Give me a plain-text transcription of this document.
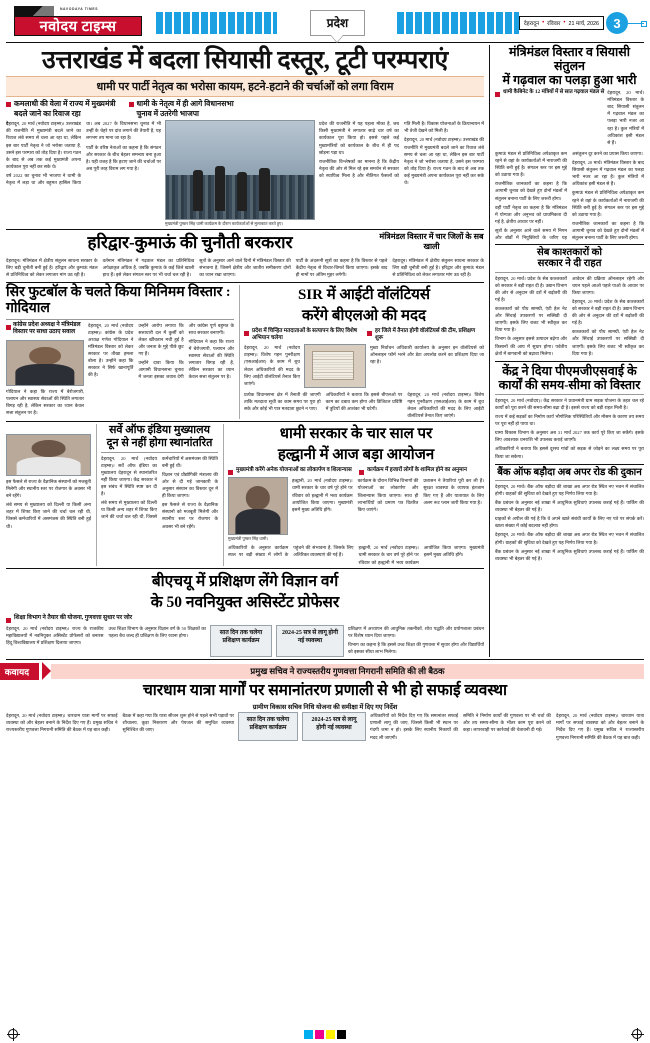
NAVODAYA TIMES
नवोदय टाइम्स	प्रदेश	देहरादून • रविवार • 21 मार्च, 2026	3
उत्तराखंड में बदला सियासी दस्तूर, टूटी परम्पराएं
धामी पर पार्टी नेतृत्व का भरोसा कायम, हटने-हटाने की चर्चाओं को लगा विराम
कमलाधी की वेला में राज्य में मुख्यमंत्री बदले जाने का रिवाज रहा
धामी के नेतृत्व में ही आगे विधानसभा चुनाव में उतरेगी भाजपा

देहरादून, 20 मार्च (नवोदय टाइम्स)। उत्तराखंड की राजनीति में मुख्यमंत्री बदले जाने का रिवाज लंबे समय से चला आ रहा था, लेकिन इस बार पार्टी नेतृत्व ने जो भरोसा जताया है, उसने इस परम्परा को तोड़ दिया है। राज्य गठन के बाद से अब तक कई मुख्यमंत्री अपना कार्यकाल पूरा नहीं कर सके थे।

वर्ष 2022 का चुनाव भी भाजपा ने धामी के नेतृत्व में लड़ा था और बहुमत हासिल किया था। अब 2027 के विधानसभा चुनाव में भी उन्हीं के चेहरे पर दांव लगाने की तैयारी है, यह लगभग तय माना जा रहा है।

पार्टी के वरिष्ठ नेताओं का कहना है कि संगठन और सरकार के बीच बेहतर समन्वय बना हुआ है। यही वजह है कि हटाए जाने की चर्चाओं पर अब पूरी तरह विराम लग गया है।

मुख्यमंत्री पुष्कर सिंह धामी कार्यक्रम के दौरान कार्यकर्ताओं से मुलाकात करते हुए।

प्रदेश की राजनीति में यह पहला मौका है, जब किसी मुख्यमंत्री ने लगातार साढ़े चार वर्ष का कार्यकाल पूरा किया हो। इससे पहले कई मुख्यमंत्रियों को कार्यकाल के बीच में ही पद छोड़ना पड़ा था।

राजनीतिक विश्लेषकों का मानना है कि केंद्रीय नेतृत्व की ओर से मिल रहे इस समर्थन से सरकार को स्थायित्व मिला है और नीतिगत फैसलों को गति मिली है। विकास योजनाओं के क्रियान्वयन में भी तेजी देखने को मिली है।

देहरादून, 20 मार्च (नवोदय टाइम्स)। उत्तराखंड की राजनीति में मुख्यमंत्री बदले जाने का रिवाज लंबे समय से चला आ रहा था, लेकिन इस बार पार्टी नेतृत्व ने जो भरोसा जताया है, उसने इस परम्परा को तोड़ दिया है। राज्य गठन के बाद से अब तक कई मुख्यमंत्री अपना कार्यकाल पूरा नहीं कर सके थे।

हरिद्वार-कुमाऊं की चुनौती बरकरार	मंत्रिमंडल विस्तार में चार जिलों के सब खाली

देहरादून। मंत्रिमंडल में क्षेत्रीय संतुलन साधना सरकार के लिए बड़ी चुनौती बनी हुई है। हरिद्वार और कुमाऊं मंडल से प्रतिनिधित्व को लेकर लगातार मांग उठ रही है।

वर्तमान मंत्रिमंडल में गढ़वाल मंडल का प्रतिनिधित्व अपेक्षाकृत अधिक है, जबकि कुमाऊं के कई जिले खाली हाथ हैं। इसे लेकर संगठन स्तर पर भी चर्चा चल रही है।

सूत्रों के अनुसार आने वाले दिनों में मंत्रिमंडल विस्तार की संभावना है, जिसमें क्षेत्रीय और जातीय समीकरण दोनों का ध्यान रखा जाएगा।

पार्टी के अंदरूनी सूत्रों का कहना है कि विस्तार से पहले केंद्रीय नेतृत्व से विचार-विमर्श किया जाएगा। इसके बाद ही नामों पर अंतिम मुहर लगेगी।

देहरादून। मंत्रिमंडल में क्षेत्रीय संतुलन साधना सरकार के लिए बड़ी चुनौती बनी हुई है। हरिद्वार और कुमाऊं मंडल से प्रतिनिधित्व को लेकर लगातार मांग उठ रही है।

सिर फुटबॉल के चलते किया मिनिमम विस्तार : गोदियाल
कांग्रेस प्रदेश अध्यक्ष ने मंत्रिमंडल विस्तार पर साधा उठाए सवाल

गोदियाल ने कहा कि राज्य में बेरोजगारी, पलायन और स्वास्थ्य सेवाओं की स्थिति लगातार बिगड़ रही है, लेकिन सरकार का ध्यान केवल सत्ता संतुलन पर है।

देहरादून, 20 मार्च (नवोदय टाइम्स)। कांग्रेस के प्रदेश अध्यक्ष गणेश गोदियाल ने मंत्रिमंडल विस्तार को लेकर सरकार पर तीखा हमला बोला है। उन्होंने कहा कि सरकार ने सिर्फ खानापूर्ति की है।

उन्होंने आरोप लगाया कि सत्ताधारी दल में कुर्सी को लेकर खींचतान मची हुई है और जनता के मुद्दे पीछे छूट गए हैं।

उन्होंने दावा किया कि आगामी विधानसभा चुनाव में जनता इसका जवाब देगी और कांग्रेस पूर्ण बहुमत के साथ सरकार बनाएगी।

गोदियाल ने कहा कि राज्य में बेरोजगारी, पलायन और स्वास्थ्य सेवाओं की स्थिति लगातार बिगड़ रही है, लेकिन सरकार का ध्यान केवल सत्ता संतुलन पर है।

SIR में आईटी वॉलंटियर्स
करेंगे बीएलओ की मदद
प्रदेश में चिन्हित मतदाताओं के सत्यापन के लिए विशेष अभियान चलेगा
हर जिले में तैनात होगी वॉलंटियर्स की टीम, प्रशिक्षण शुरू

देहरादून, 20 मार्च (नवोदय टाइम्स)। विशेष गहन पुनरीक्षण (एसआईआर) के काम में बूथ लेवल अधिकारियों की मदद के लिए आईटी वॉलंटियर्स तैनात किए जाएंगे।

मुख्य निर्वाचन अधिकारी कार्यालय के अनुसार इन वॉलंटियर्स को ऑनलाइन फॉर्म भरने और डेटा अपलोड करने का प्रशिक्षण दिया जा रहा है।

प्रत्येक विधानसभा क्षेत्र में तैनाती की जाएगी ताकि मतदाता सूची का काम समय पर पूरा हो सके और कोई भी पात्र मतदाता छूटने न पाए।

अधिकारियों ने बताया कि इससे बीएलओ पर काम का दबाव कम होगा और डिजिटल प्रविष्टि में त्रुटियों की आशंका भी घटेगी।

देहरादून, 20 मार्च (नवोदय टाइम्स)। विशेष गहन पुनरीक्षण (एसआईआर) के काम में बूथ लेवल अधिकारियों की मदद के लिए आईटी वॉलंटियर्स तैनात किए जाएंगे।

इस फैसले से राज्य के वैज्ञानिक संस्थानों को मजबूती मिलेगी और स्थानीय स्तर पर रोजगार के अवसर भी बने रहेंगे।

लंबे समय से मुख्यालय को दिल्ली या किसी अन्य शहर में शिफ्ट किए जाने की चर्चा चल रही थी, जिससे कर्मचारियों में असमंजस की स्थिति बनी हुई थी।

सर्वे ऑफ इंडिया मुख्यालय
दून से नहीं होगा स्थानांतरित

देहरादून, 20 मार्च (नवोदय टाइम्स)। सर्वे ऑफ इंडिया का मुख्यालय देहरादून से स्थानांतरित नहीं किया जाएगा। केंद्र सरकार ने इस संबंध में स्थिति स्पष्ट कर दी है।

लंबे समय से मुख्यालय को दिल्ली या किसी अन्य शहर में शिफ्ट किए जाने की चर्चा चल रही थी, जिससे कर्मचारियों में असमंजस की स्थिति बनी हुई थी।

विज्ञान एवं प्रौद्योगिकी मंत्रालय की ओर से दी गई जानकारी के अनुसार संस्थान का विस्तार दून में ही किया जाएगा।

इस फैसले से राज्य के वैज्ञानिक संस्थानों को मजबूती मिलेगी और स्थानीय स्तर पर रोजगार के अवसर भी बने रहेंगे।

धामी सरकार के चार साल पर
हल्द्वानी में आज बड़ा आयोजन
मुख्यमंत्री करेंगे अनेक योजनाओं का लोकार्पण व शिलान्यास	कार्यक्रम में हजारों लोगों के शामिल होने का अनुमान
मुख्यमंत्री पुष्कर सिंह धामी।

हल्द्वानी, 20 मार्च (नवोदय टाइम्स)। धामी सरकार के चार वर्ष पूरे होने पर रविवार को हल्द्वानी में भव्य कार्यक्रम आयोजित किया जाएगा। मुख्यमंत्री इसमें मुख्य अतिथि होंगे।

कार्यक्रम के दौरान विभिन्न विभागों की योजनाओं का लोकार्पण और शिलान्यास किया जाएगा। साथ ही लाभार्थियों को प्रमाण पत्र वितरित किए जाएंगे।

प्रशासन ने तैयारियां पूरी कर ली हैं। सुरक्षा व्यवस्था के व्यापक इंतजाम किए गए हैं और यातायात के लिए अलग रूट प्लान जारी किया गया है।

अधिकारियों के अनुसार कार्यक्रम स्थल पर बड़ी संख्या में लोगों के पहुंचने की संभावना है, जिसके लिए अतिरिक्त व्यवस्थाएं की गई हैं।

हल्द्वानी, 20 मार्च (नवोदय टाइम्स)। धामी सरकार के चार वर्ष पूरे होने पर रविवार को हल्द्वानी में भव्य कार्यक्रम आयोजित किया जाएगा। मुख्यमंत्री इसमें मुख्य अतिथि होंगे।

बीएचयू में प्रशिक्षण लेंगे विज्ञान वर्ग
के 50 नवनियुक्त असिस्टेंट प्रोफेसर
शिक्षा विभाग ने तैयार की योजना, गुणवत्ता सुधार पर जोर

देहरादून, 20 मार्च (नवोदय टाइम्स)। राज्य के राजकीय महाविद्यालयों में नवनियुक्त असिस्टेंट प्रोफेसरों को बनारस हिंदू विश्वविद्यालय में प्रशिक्षण दिलाया जाएगा।

उच्च शिक्षा विभाग के अनुसार विज्ञान वर्ग के 50 शिक्षकों का पहला बैच जल्द ही प्रशिक्षण के लिए रवाना होगा।	सात दिन तक चलेगा प्रशिक्षण कार्यक्रम
2024-25 सत्र से लागू होगी नई व्यवस्था

प्रशिक्षण में अध्यापन की आधुनिक तकनीकों, शोध पद्धति और प्रयोगशाला प्रबंधन पर विशेष ध्यान दिया जाएगा।

विभाग का कहना है कि इससे उच्च शिक्षा की गुणवत्ता में सुधार होगा और विद्यार्थियों को इसका सीधा लाभ मिलेगा।

मंत्रिमंडल विस्तार व सियासी संतुलन
में गढ़वाल का पलड़ा हुआ भारी
धामी कैबिनेट के 12 मंत्रियों में से सात गढ़वाल मंडल से देहरादून, 20 मार्च। मंत्रिमंडल विस्तार के बाद सियासी संतुलन में गढ़वाल मंडल का पलड़ा भारी नजर आ रहा है। कुल मंत्रियों में अधिकांश इसी मंडल से हैं।

कुमाऊं मंडल से प्रतिनिधित्व अपेक्षाकृत कम रहने से वहां के कार्यकर्ताओं में नाराजगी की स्थिति बनी हुई है। संगठन स्तर पर इस मुद्दे को उठाया गया है।

राजनीतिक जानकारों का कहना है कि आगामी चुनाव को देखते हुए दोनों मंडलों में संतुलन बनाना पार्टी के लिए जरूरी होगा।

वहीं पार्टी नेतृत्व का कहना है कि मंत्रिमंडल में योग्यता और अनुभव को प्राथमिकता दी गई है, क्षेत्रीय आधार पर नहीं।

सूत्रों के अनुसार आने वाले समय में निगम और बोर्डों में नियुक्तियों के जरिए यह असंतुलन दूर करने का प्रयास किया जाएगा।

देहरादून, 20 मार्च। मंत्रिमंडल विस्तार के बाद सियासी संतुलन में गढ़वाल मंडल का पलड़ा भारी नजर आ रहा है। कुल मंत्रियों में अधिकांश इसी मंडल से हैं।

कुमाऊं मंडल से प्रतिनिधित्व अपेक्षाकृत कम रहने से वहां के कार्यकर्ताओं में नाराजगी की स्थिति बनी हुई है। संगठन स्तर पर इस मुद्दे को उठाया गया है।

राजनीतिक जानकारों का कहना है कि आगामी चुनाव को देखते हुए दोनों मंडलों में संतुलन बनाना पार्टी के लिए जरूरी होगा।

सेब काश्तकारों को
सरकार ने दी राहत

देहरादून, 20 मार्च। प्रदेश के सेब काश्तकारों को सरकार ने बड़ी राहत दी है। उद्यान विभाग की ओर से अनुदान की दरों में बढ़ोतरी की गई है।

काश्तकारों को पौध सामग्री, एंटी हेल नेट और सिंचाई उपकरणों पर सब्सिडी दी जाएगी। इसके लिए बजट भी स्वीकृत कर दिया गया है।

विभाग के अनुसार इससे उत्पादन बढ़ेगा और किसानों की आय में सुधार होगा। पर्वतीय क्षेत्रों में बागवानी को बढ़ावा मिलेगा।

आवेदन की प्रक्रिया ऑनलाइन रहेगी और चयन पहले आओ पहले पाओ के आधार पर किया जाएगा।

देहरादून, 20 मार्च। प्रदेश के सेब काश्तकारों को सरकार ने बड़ी राहत दी है। उद्यान विभाग की ओर से अनुदान की दरों में बढ़ोतरी की गई है।

काश्तकारों को पौध सामग्री, एंटी हेल नेट और सिंचाई उपकरणों पर सब्सिडी दी जाएगी। इसके लिए बजट भी स्वीकृत कर दिया गया है।

केंद्र ने दिया पीएमजीएसवाई के
कार्यों की समय-सीमा को विस्तार

देहरादून, 20 मार्च (नवोदय)। केंद्र सरकार ने प्रधानमंत्री ग्राम सड़क योजना के तहत चल रहे कार्यों को पूरा करने की समय-सीमा बढ़ा दी है। इससे राज्य को बड़ी राहत मिली है।

राज्य में कई सड़कों का निर्माण कार्य भौगोलिक परिस्थितियों और मौसम के कारण तय समय पर पूरा नहीं हो पाया था।

ग्राम्य विकास विभाग के अनुसार अब 31 मार्च 2027 तक कार्य पूरे किए जा सकेंगे। इसके लिए आवश्यक धनराशि भी उपलब्ध कराई जाएगी।

अधिकारियों ने बताया कि इससे दूरस्थ गांवों को सड़क से जोड़ने का लक्ष्य समय पर पूरा किया जा सकेगा।

बैंक ऑफ बड़ौदा अब अपर रोड की दुकान

देहरादून, 20 मार्च। बैंक ऑफ बड़ौदा की शाखा अब अपर रोड स्थित नए भवन में संचालित होगी। ग्राहकों की सुविधा को देखते हुए यह निर्णय लिया गया है।

बैंक प्रबंधन के अनुसार नई शाखा में आधुनिक सुविधाएं उपलब्ध कराई गई हैं। पार्किंग की व्यवस्था भी बेहतर की गई है।

ग्राहकों से अपील की गई है कि वे अपने खाते संबंधी कार्यों के लिए नए पते पर संपर्क करें। खाता संख्या में कोई बदलाव नहीं होगा।

देहरादून, 20 मार्च। बैंक ऑफ बड़ौदा की शाखा अब अपर रोड स्थित नए भवन में संचालित होगी। ग्राहकों की सुविधा को देखते हुए यह निर्णय लिया गया है।

बैंक प्रबंधन के अनुसार नई शाखा में आधुनिक सुविधाएं उपलब्ध कराई गई हैं। पार्किंग की व्यवस्था भी बेहतर की गई है।

कवायद	प्रमुख सचिव ने राज्यस्तरीय गुणवत्ता निगरानी समिति की ली बैठक
चारधाम यात्रा मार्गों पर समानांतरण प्रणाली से भी हो सफाई व्यवस्था
ग्रामीण विकास सचिव निधि योजना की समीक्षा में दिए गए निर्देश

देहरादून, 20 मार्च (नवोदय टाइम्स)। चारधाम यात्रा मार्गों पर सफाई व्यवस्था को और बेहतर बनाने के निर्देश दिए गए हैं। प्रमुख सचिव ने राज्यस्तरीय गुणवत्ता निगरानी समिति की बैठक में यह बात कही।

बैठक में कहा गया कि यात्रा सीजन शुरू होने से पहले सभी पड़ावों पर शौचालय, कूड़ा निस्तारण और पेयजल की समुचित व्यवस्था सुनिश्चित की जाए।

सात दिन तक चलेगा प्रशिक्षण कार्यक्रम
2024-25 सत्र से लागू होगी नई व्यवस्था

अधिकारियों को निर्देश दिए गए कि समानांतर सफाई प्रणाली लागू की जाए, जिससे किसी भी स्थान पर गंदगी जमा न हो। इसके लिए स्थानीय निकायों की मदद ली जाएगी।

समिति ने निर्माण कार्यों की गुणवत्ता पर भी चर्चा की और तय समय-सीमा के भीतर काम पूरा करने को कहा। लापरवाही पर कार्रवाई की चेतावनी दी गई।

देहरादून, 20 मार्च (नवोदय टाइम्स)। चारधाम यात्रा मार्गों पर सफाई व्यवस्था को और बेहतर बनाने के निर्देश दिए गए हैं। प्रमुख सचिव ने राज्यस्तरीय गुणवत्ता निगरानी समिति की बैठक में यह बात कही।
